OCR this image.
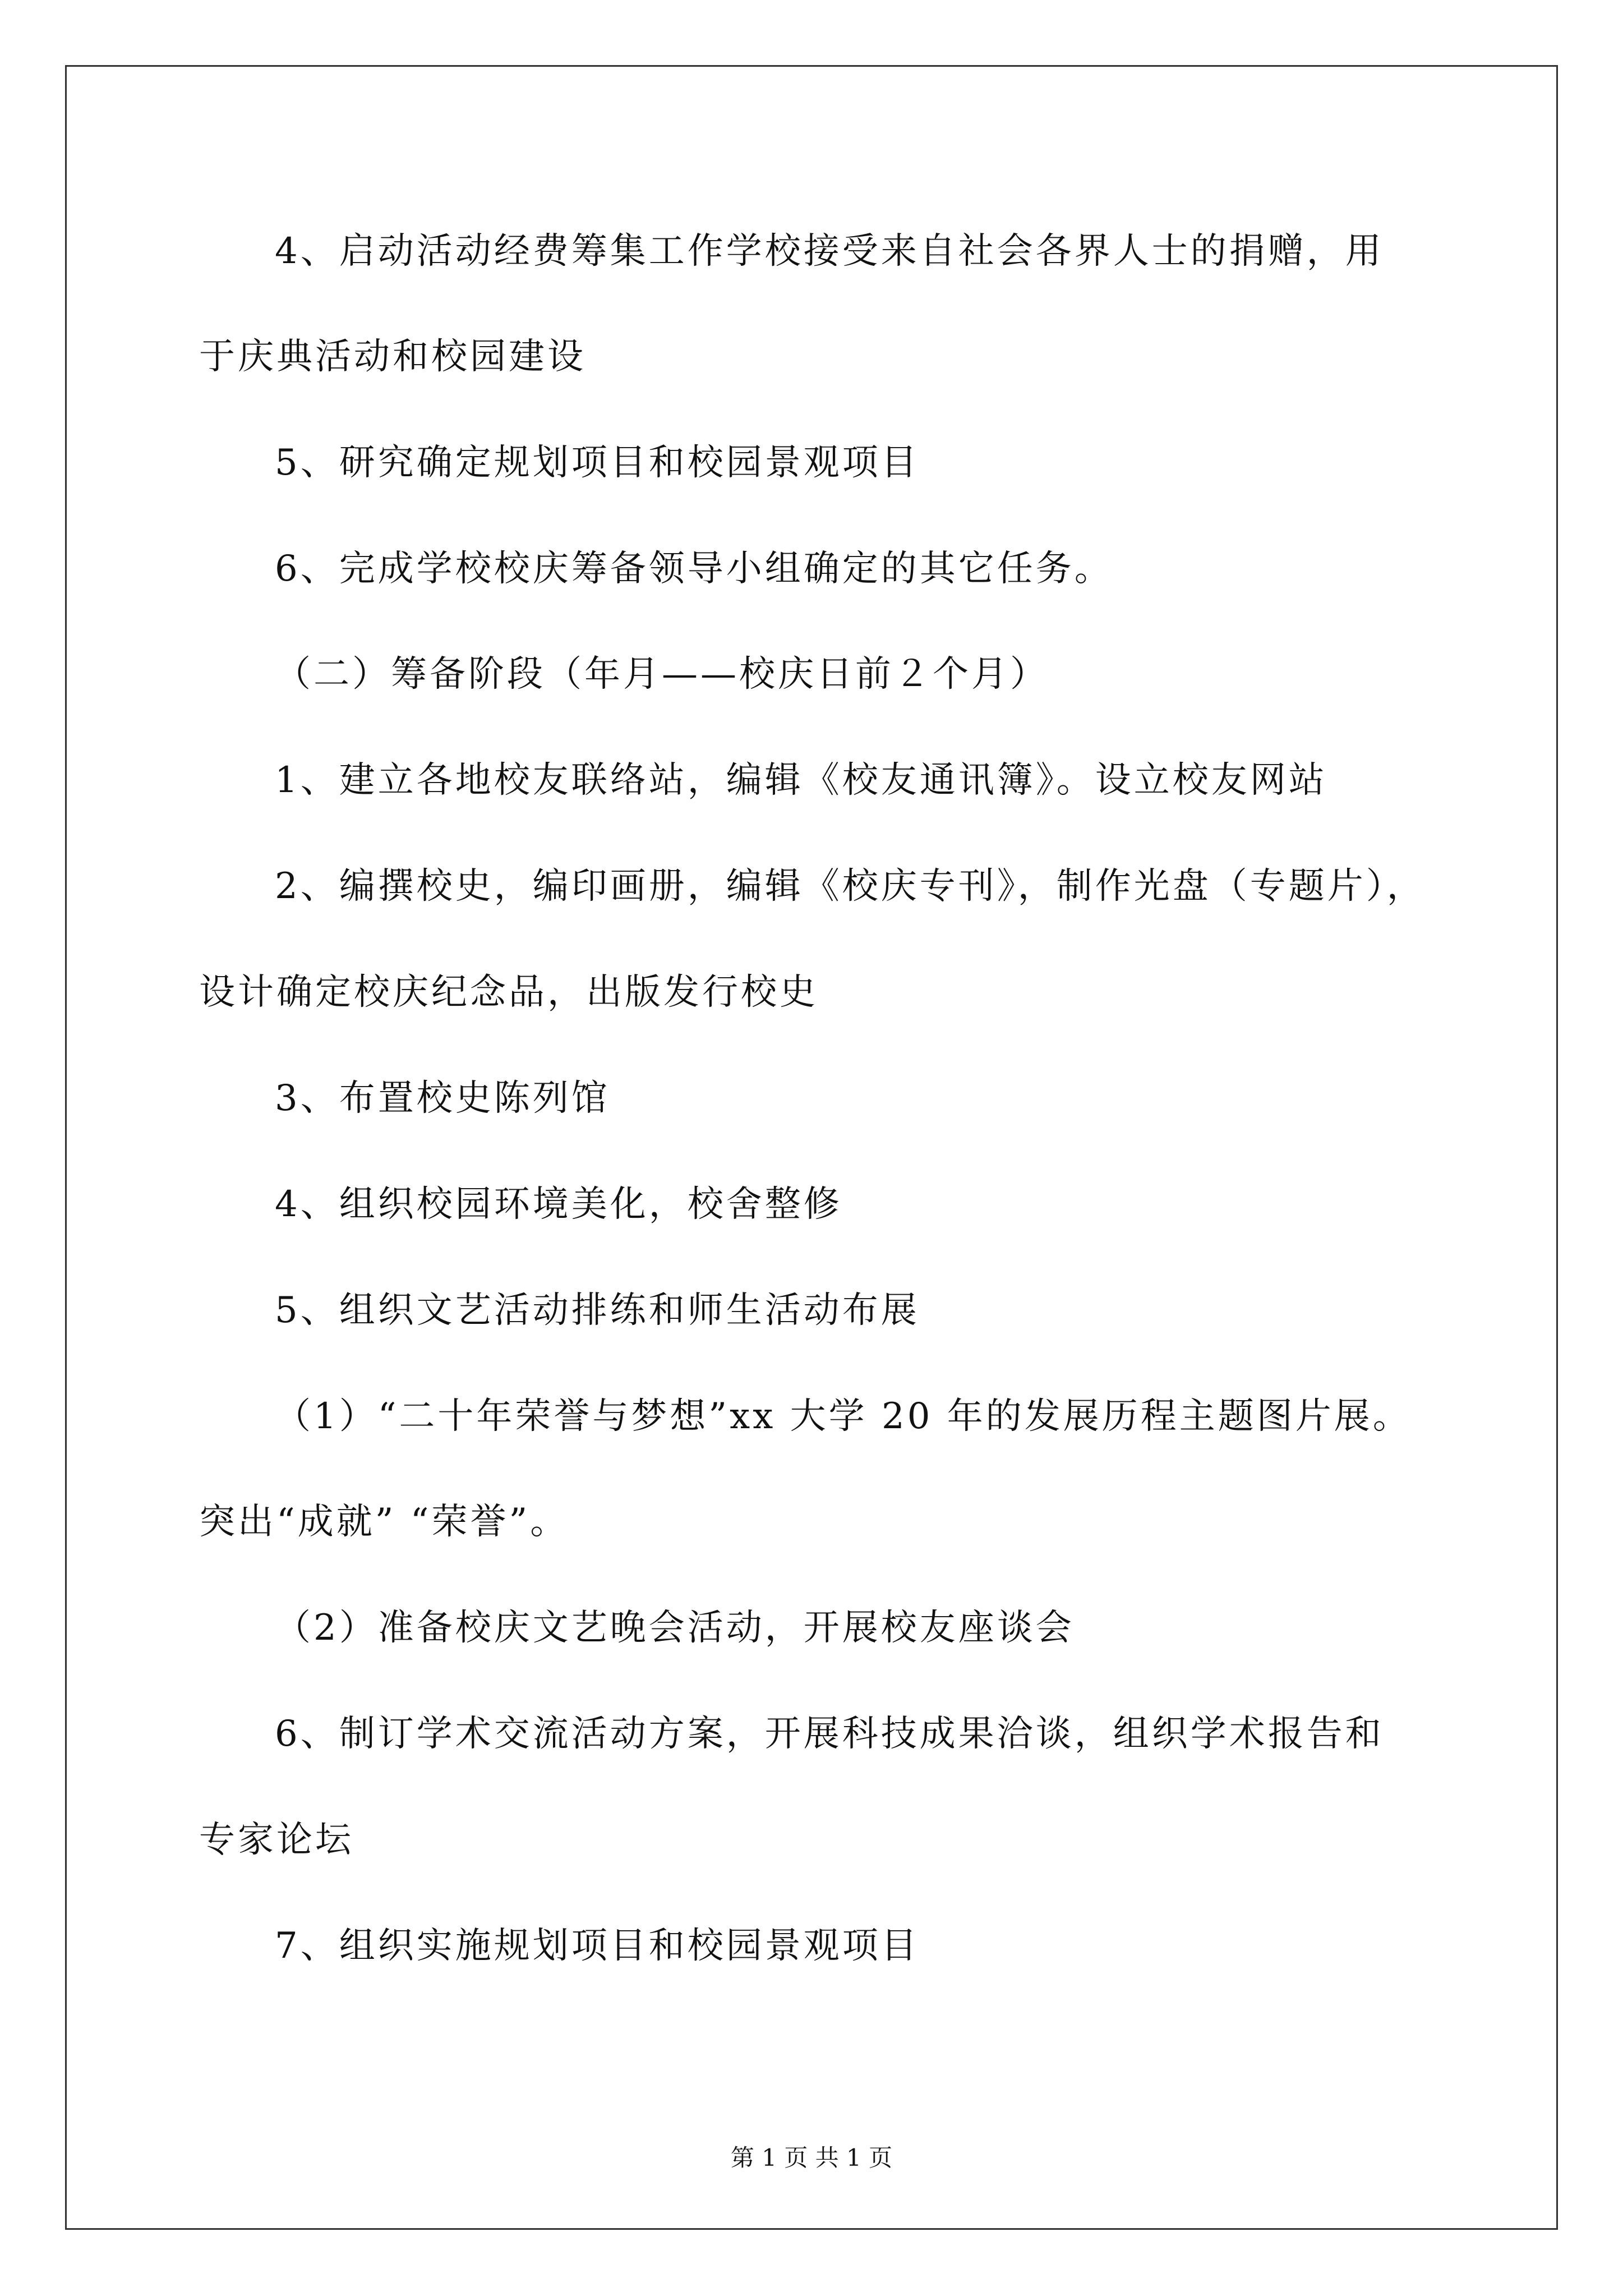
4、启动活动经费筹集工作学校接受来自社会各界人士的捐赠，用
于庆典活动和校园建设
5、研究确定规划项目和校园景观项目
6、完成学校校庆筹备领导小组确定的其它任务。
（二）筹备阶段（年月——校庆日前２个月）
1、建立各地校友联络站，编辑《校友通讯簿》。设立校友网站
2、编撰校史，编印画册，编辑《校庆专刊》，制作光盘（专题片），
设计确定校庆纪念品，出版发行校史
3、布置校史陈列馆
4、组织校园环境美化，校舍整修
5、组织文艺活动排练和师生活动布展
（1）“二十年荣誉与梦想”xx 大学 20 年的发展历程主题图片展。
突出“成就” “荣誉”。
（2）准备校庆文艺晚会活动，开展校友座谈会
6、制订学术交流活动方案，开展科技成果洽谈，组织学术报告和
专家论坛
7、组织实施规划项目和校园景观项目
第 1 页 共 1 页
